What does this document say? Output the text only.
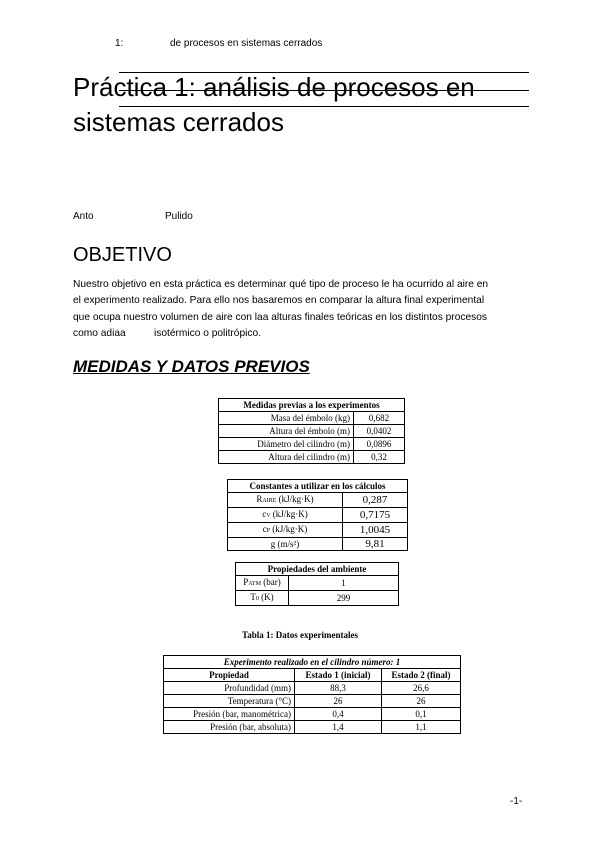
1:	de procesos en sistemas cerrados
Práctica 1: análisis de procesos en
sistemas cerrados
Anto	Pulido
OBJETIVO
Nuestro objetivo en esta práctica es determinar qué tipo de proceso le ha ocurrido al aire en
el experimento realizado. Para ello nos basaremos en comparar la altura final experimental
que ocupa nuestro volumen de aire con laa alturas finales teóricas en los distintos procesos
como adiaa          isotérmico o politrópico.
MEDIDAS Y DATOS PREVIOS
Medidas previas a los experimentos	
Masa del émbolo (kg)	0,682
Altura del émbolo (m)	0,0402
Diámetro del cilindro (m)	0,0896
Altura del cilindro (m)	0,32
Constantes a utilizar en los cálculos	
RAIRE (kJ/kg·K)	0,287
cV (kJ/kg·K)	0,7175
cP (kJ/kg·K)	1,0045
g (m/s²)	9,81
Propiedades del ambiente	
PATM (bar)	1
T0 (K)	299
Tabla 1: Datos experimentales
Experimento realizado en el cilindro número: 1		
Propiedad	Estado 1 (inicial)	Estado 2 (final)
Profundidad (mm)	88,3	26,6
Temperatura (°C)	26	26
Presión (bar, manométrica)	0,4	0,1
Presión (bar, absoluta)	1,4	1,1
-1-
